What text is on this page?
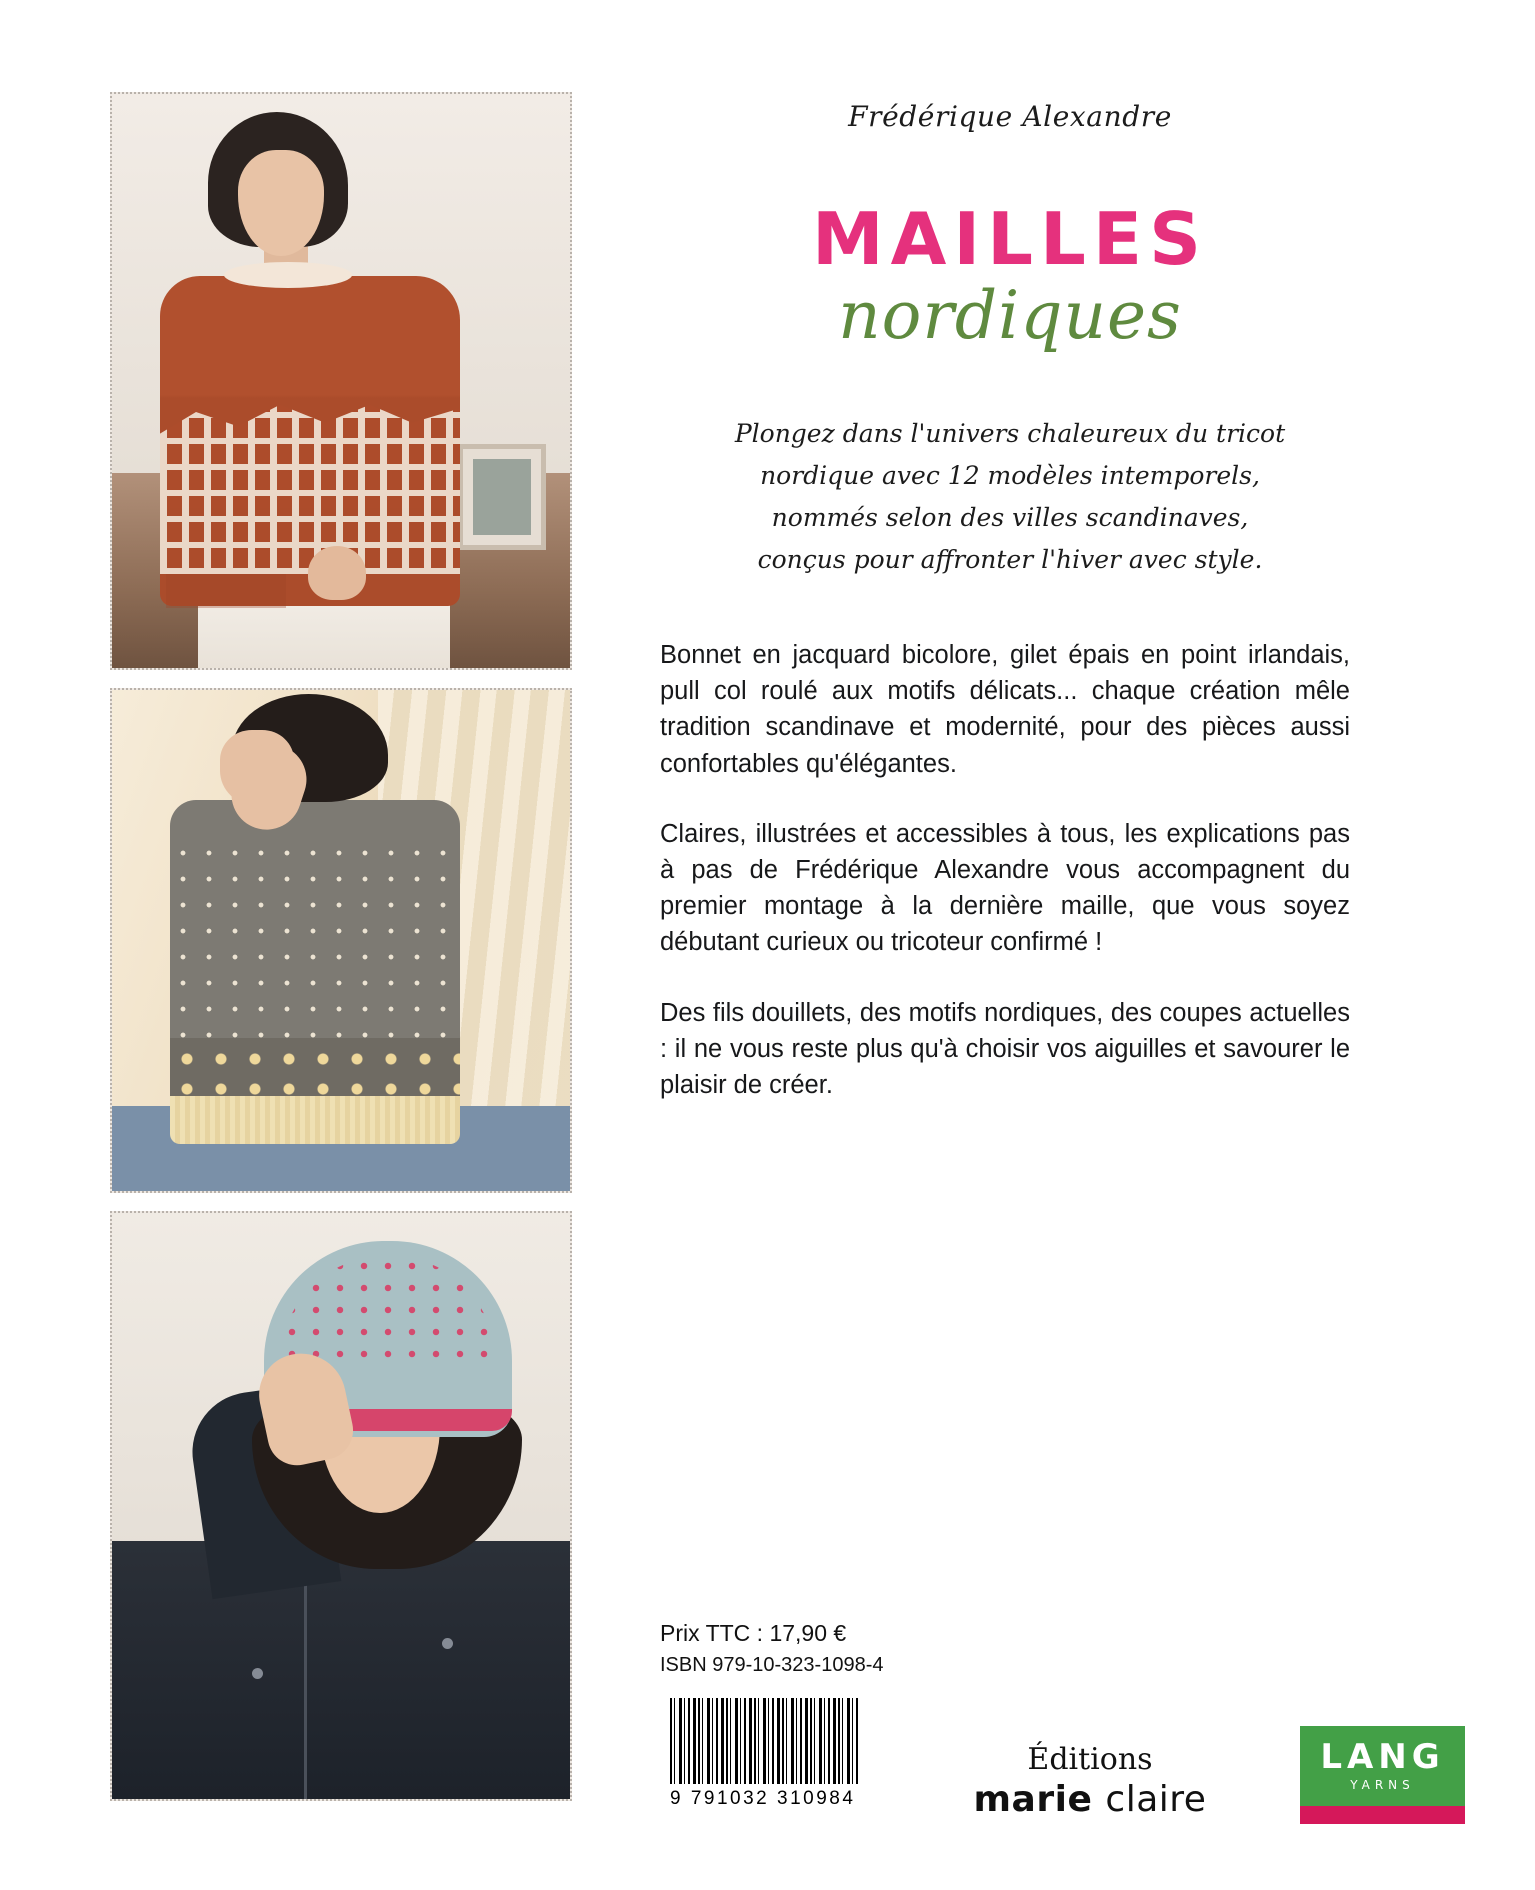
Frédérique Alexandre
MAILLES
nordiques
Plongez dans l'univers chaleureux du tricot
nordique avec 12 modèles intemporels,
nommés selon des villes scandinaves,
conçus pour affronter l'hiver avec style.

Bonnet en jacquard bicolore, gilet épais en point irlandais, pull col roulé aux motifs délicats... chaque création mêle tradition scandinave et modernité, pour des pièces aussi confortables qu'élégantes.

Claires, illustrées et accessibles à tous, les explications pas à pas de Frédérique Alexandre vous accompagnent du premier montage à la dernière maille, que vous soyez débutant curieux ou tricoteur confirmé !

Des fils douillets, des motifs nordiques, des coupes actuelles : il ne vous reste plus qu'à choisir vos aiguilles et savourer le plaisir de créer.

Prix TTC : 17,90 €
ISBN 979-10-323-1098-4
9 791032 310984
Éditions
marie claire
LANG
YARNS
